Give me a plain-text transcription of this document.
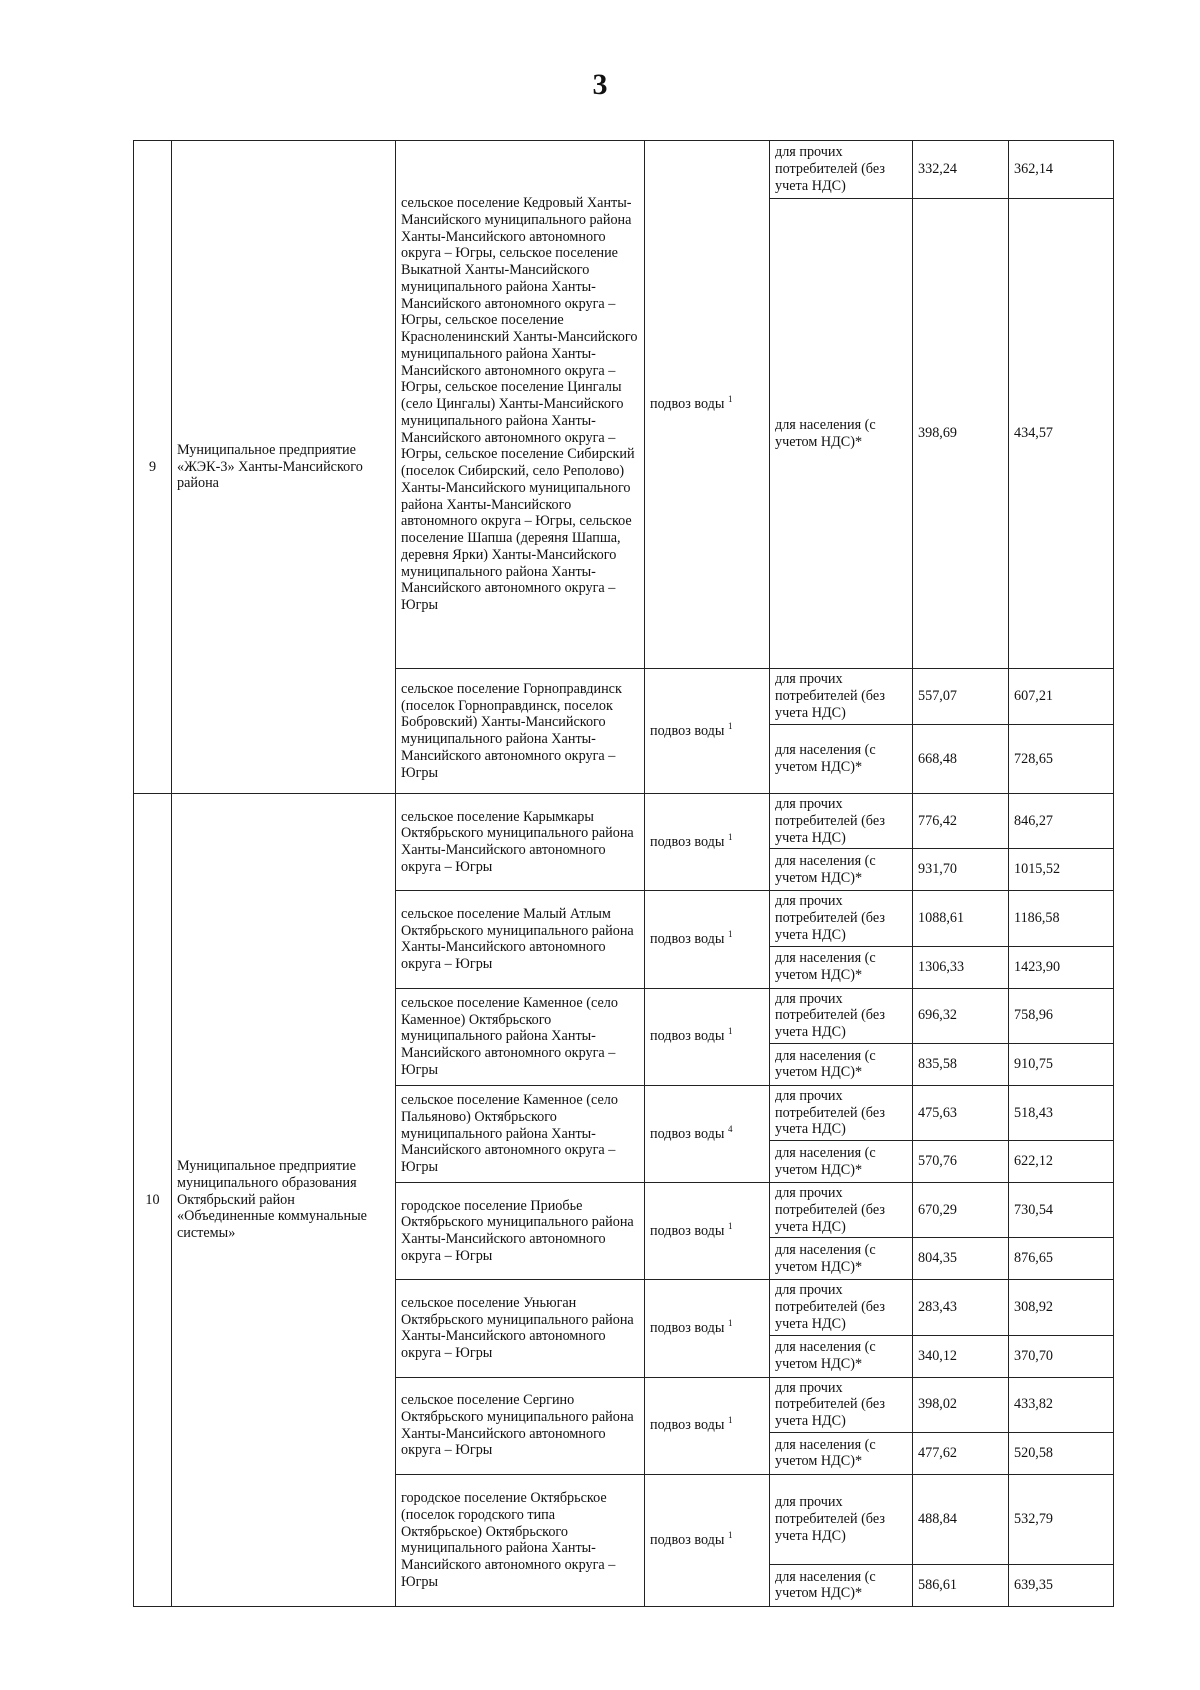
3
9	Муниципальное предприятие «ЖЭК-3» Ханты-Мансийского района	сельское поселение Кедровый Ханты-Мансийского муниципального района Ханты-Мансийского автономного округа – Югры, сельское поселение Выкатной Ханты-Мансийского муниципального района Ханты-Мансийского автономного округа – Югры, сельское поселение Красноленинский Ханты-Мансийского муниципального района Ханты-Мансийского автономного округа – Югры, сельское поселение Цингалы (село Цингалы) Ханты-Мансийского муниципального района Ханты-Мансийского автономного округа – Югры, сельское поселение Сибирский (поселок Сибирский, село Реполово) Ханты-Мансийского муниципального района Ханты-Мансийского автономного округа – Югры, сельское поселение Шапша (дереяня Шапша, деревня Ярки) Ханты-Мансийского муниципального района Ханты-Мансийского автономного округа – Югры	подвоз воды $^1$	для прочих потребителей (без учета НДС)	332,24	362,14
				для населения (с учетом НДС)*	398,69	434,57
		сельское поселение Горноправдинск (поселок Горноправдинск, поселок Бобровский) Ханты-Мансийского муниципального района Ханты-Мансийского автономного округа – Югры	подвоз воды $^1$	для прочих потребителей (без учета НДС)	557,07	607,21
				для населения (с учетом НДС)*	668,48	728,65
10	Муниципальное предприятие муниципального образования Октябрьский район «Объединенные коммунальные системы»	сельское поселение Карымкары Октябрьского муниципального района Ханты-Мансийского автономного округа – Югры	подвоз воды $^1$	для прочих потребителей (без учета НДС)	776,42	846,27
				для населения (с учетом НДС)*	931,70	1015,52
		сельское поселение Малый Атлым Октябрьского муниципального района Ханты-Мансийского автономного округа – Югры	подвоз воды $^1$	для прочих потребителей (без учета НДС)	1088,61	1186,58
				для населения (с учетом НДС)*	1306,33	1423,90
		сельское поселение Каменное (село Каменное) Октябрьского муниципального района Ханты-Мансийского автономного округа – Югры	подвоз воды $^1$	для прочих потребителей (без учета НДС)	696,32	758,96
				для населения (с учетом НДС)*	835,58	910,75
		сельское поселение Каменное (село Пальяново) Октябрьского муниципального района Ханты-Мансийского автономного округа – Югры	подвоз воды $^4$	для прочих потребителей (без учета НДС)	475,63	518,43
				для населения (с учетом НДС)*	570,76	622,12
		городское поселение Приобье Октябрьского муниципального района Ханты-Мансийского автономного округа – Югры	подвоз воды $^1$	для прочих потребителей (без учета НДС)	670,29	730,54
				для населения (с учетом НДС)*	804,35	876,65
		сельское поселение Уньюган Октябрьского муниципального района Ханты-Мансийского автономного округа – Югры	подвоз воды $^1$	для прочих потребителей (без учета НДС)	283,43	308,92
				для населения (с учетом НДС)*	340,12	370,70
		сельское поселение Сергино Октябрьского муниципального района Ханты-Мансийского автономного округа – Югры	подвоз воды $^1$	для прочих потребителей (без учета НДС)	398,02	433,82
				для населения (с учетом НДС)*	477,62	520,58
		городское поселение Октябрьское (поселок городского типа Октябрьское) Октябрьского муниципального района Ханты-Мансийского автономного округа – Югры	подвоз воды $^1$	для прочих потребителей (без учета НДС)	488,84	532,79
				для населения (с учетом НДС)*	586,61	639,35
